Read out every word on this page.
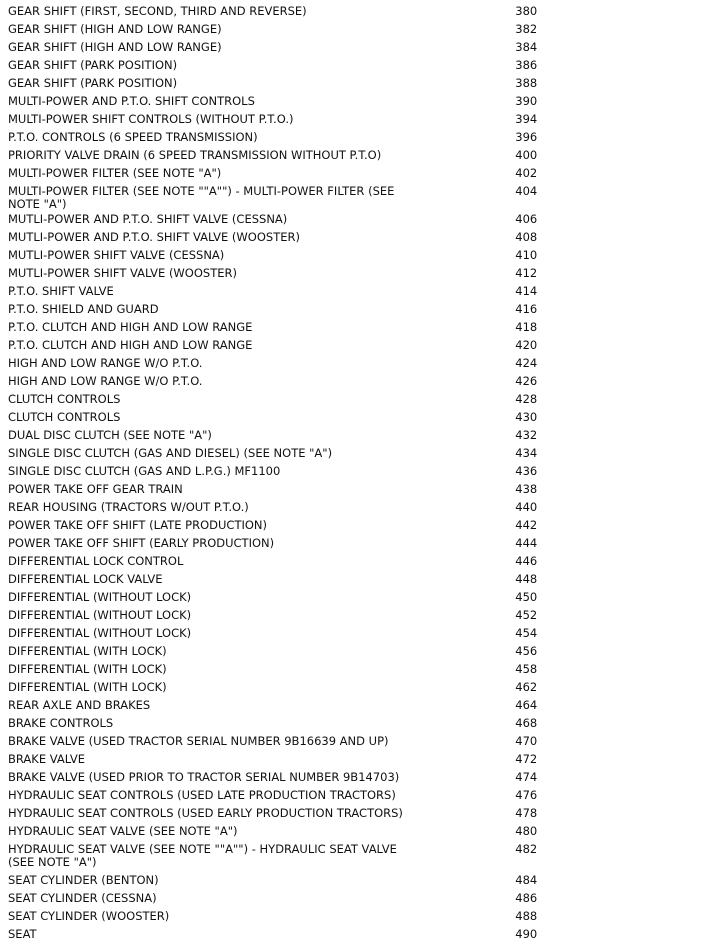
GEAR SHIFT (FIRST, SECOND, THIRD AND REVERSE)	380
GEAR SHIFT (HIGH AND LOW RANGE)	382
GEAR SHIFT (HIGH AND LOW RANGE)	384
GEAR SHIFT (PARK POSITION)	386
GEAR SHIFT (PARK POSITION)	388
MULTI-POWER AND P.T.O. SHIFT CONTROLS	390
MULTI-POWER SHIFT CONTROLS (WITHOUT P.T.O.)	394
P.T.O. CONTROLS (6 SPEED TRANSMISSION)	396
PRIORITY VALVE DRAIN (6 SPEED TRANSMISSION WITHOUT P.T.O)	400
MULTI-POWER FILTER (SEE NOTE "A")	402
MULTI-POWER FILTER (SEE NOTE ""A"") - MULTI-POWER FILTER (SEE NOTE "A")	404
MUTLI-POWER AND P.T.O. SHIFT VALVE (CESSNA)	406
MUTLI-POWER AND P.T.O. SHIFT VALVE (WOOSTER)	408
MUTLI-POWER SHIFT VALVE (CESSNA)	410
MUTLI-POWER SHIFT VALVE (WOOSTER)	412
P.T.O. SHIFT VALVE	414
P.T.O. SHIELD AND GUARD	416
P.T.O. CLUTCH AND HIGH AND LOW RANGE	418
P.T.O. CLUTCH AND HIGH AND LOW RANGE	420
HIGH AND LOW RANGE W/O P.T.O.	424
HIGH AND LOW RANGE W/O P.T.O.	426
CLUTCH CONTROLS	428
CLUTCH CONTROLS	430
DUAL DISC CLUTCH (SEE NOTE "A")	432
SINGLE DISC CLUTCH (GAS AND DIESEL) (SEE NOTE "A")	434
SINGLE DISC CLUTCH (GAS AND L.P.G.) MF1100	436
POWER TAKE OFF GEAR TRAIN	438
REAR HOUSING (TRACTORS W/OUT P.T.O.)	440
POWER TAKE OFF SHIFT (LATE PRODUCTION)	442
POWER TAKE OFF SHIFT (EARLY PRODUCTION)	444
DIFFERENTIAL LOCK CONTROL	446
DIFFERENTIAL LOCK VALVE	448
DIFFERENTIAL (WITHOUT LOCK)	450
DIFFERENTIAL (WITHOUT LOCK)	452
DIFFERENTIAL (WITHOUT LOCK)	454
DIFFERENTIAL (WITH LOCK)	456
DIFFERENTIAL (WITH LOCK)	458
DIFFERENTIAL (WITH LOCK)	462
REAR AXLE AND BRAKES	464
BRAKE CONTROLS	468
BRAKE VALVE (USED TRACTOR SERIAL NUMBER 9B16639 AND UP)	470
BRAKE VALVE	472
BRAKE VALVE (USED PRIOR TO TRACTOR SERIAL NUMBER 9B14703)	474
HYDRAULIC SEAT CONTROLS (USED LATE PRODUCTION TRACTORS)	476
HYDRAULIC SEAT CONTROLS (USED EARLY PRODUCTION TRACTORS)	478
HYDRAULIC SEAT VALVE (SEE NOTE "A")	480
HYDRAULIC SEAT VALVE (SEE NOTE ""A"") - HYDRAULIC SEAT VALVE (SEE NOTE "A")	482
SEAT CYLINDER (BENTON)	484
SEAT CYLINDER (CESSNA)	486
SEAT CYLINDER (WOOSTER)	488
SEAT	490
